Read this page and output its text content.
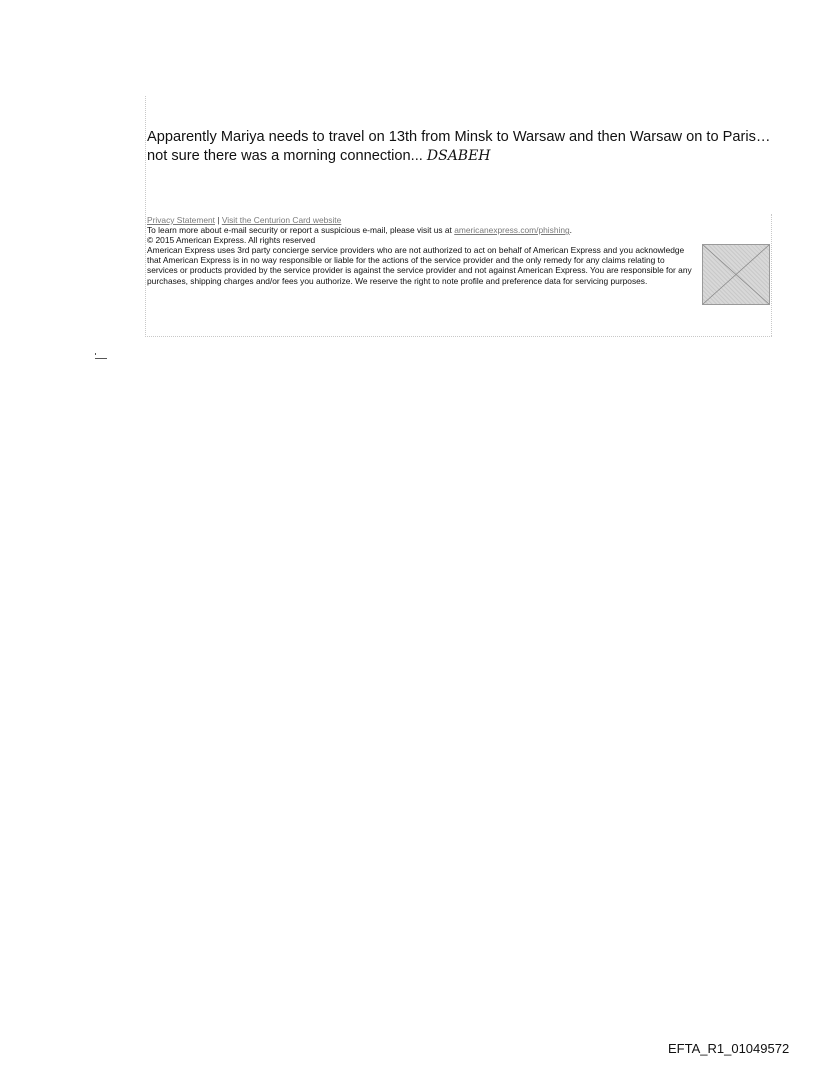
Apparently Mariya needs to travel on 13th from Minsk to Warsaw and then Warsaw on to Paris…not sure there was a morning connection... DSABEH
Privacy Statement | Visit the Centurion Card website
To learn more about e-mail security or report a suspicious e-mail, please visit us at americanexpress.com/phishing.
© 2015 American Express. All rights reserved
American Express uses 3rd party concierge service providers who are not authorized to act on behalf of American Express and you acknowledge that American Express is in no way responsible or liable for the actions of the service provider and the only remedy for any claims relating to services or products provided by the service provider is against the service provider and not against American Express. You are responsible for any purchases, shipping charges and/or fees you authorize. We reserve the right to note profile and preference data for servicing purposes.
EFTA_R1_01049572
